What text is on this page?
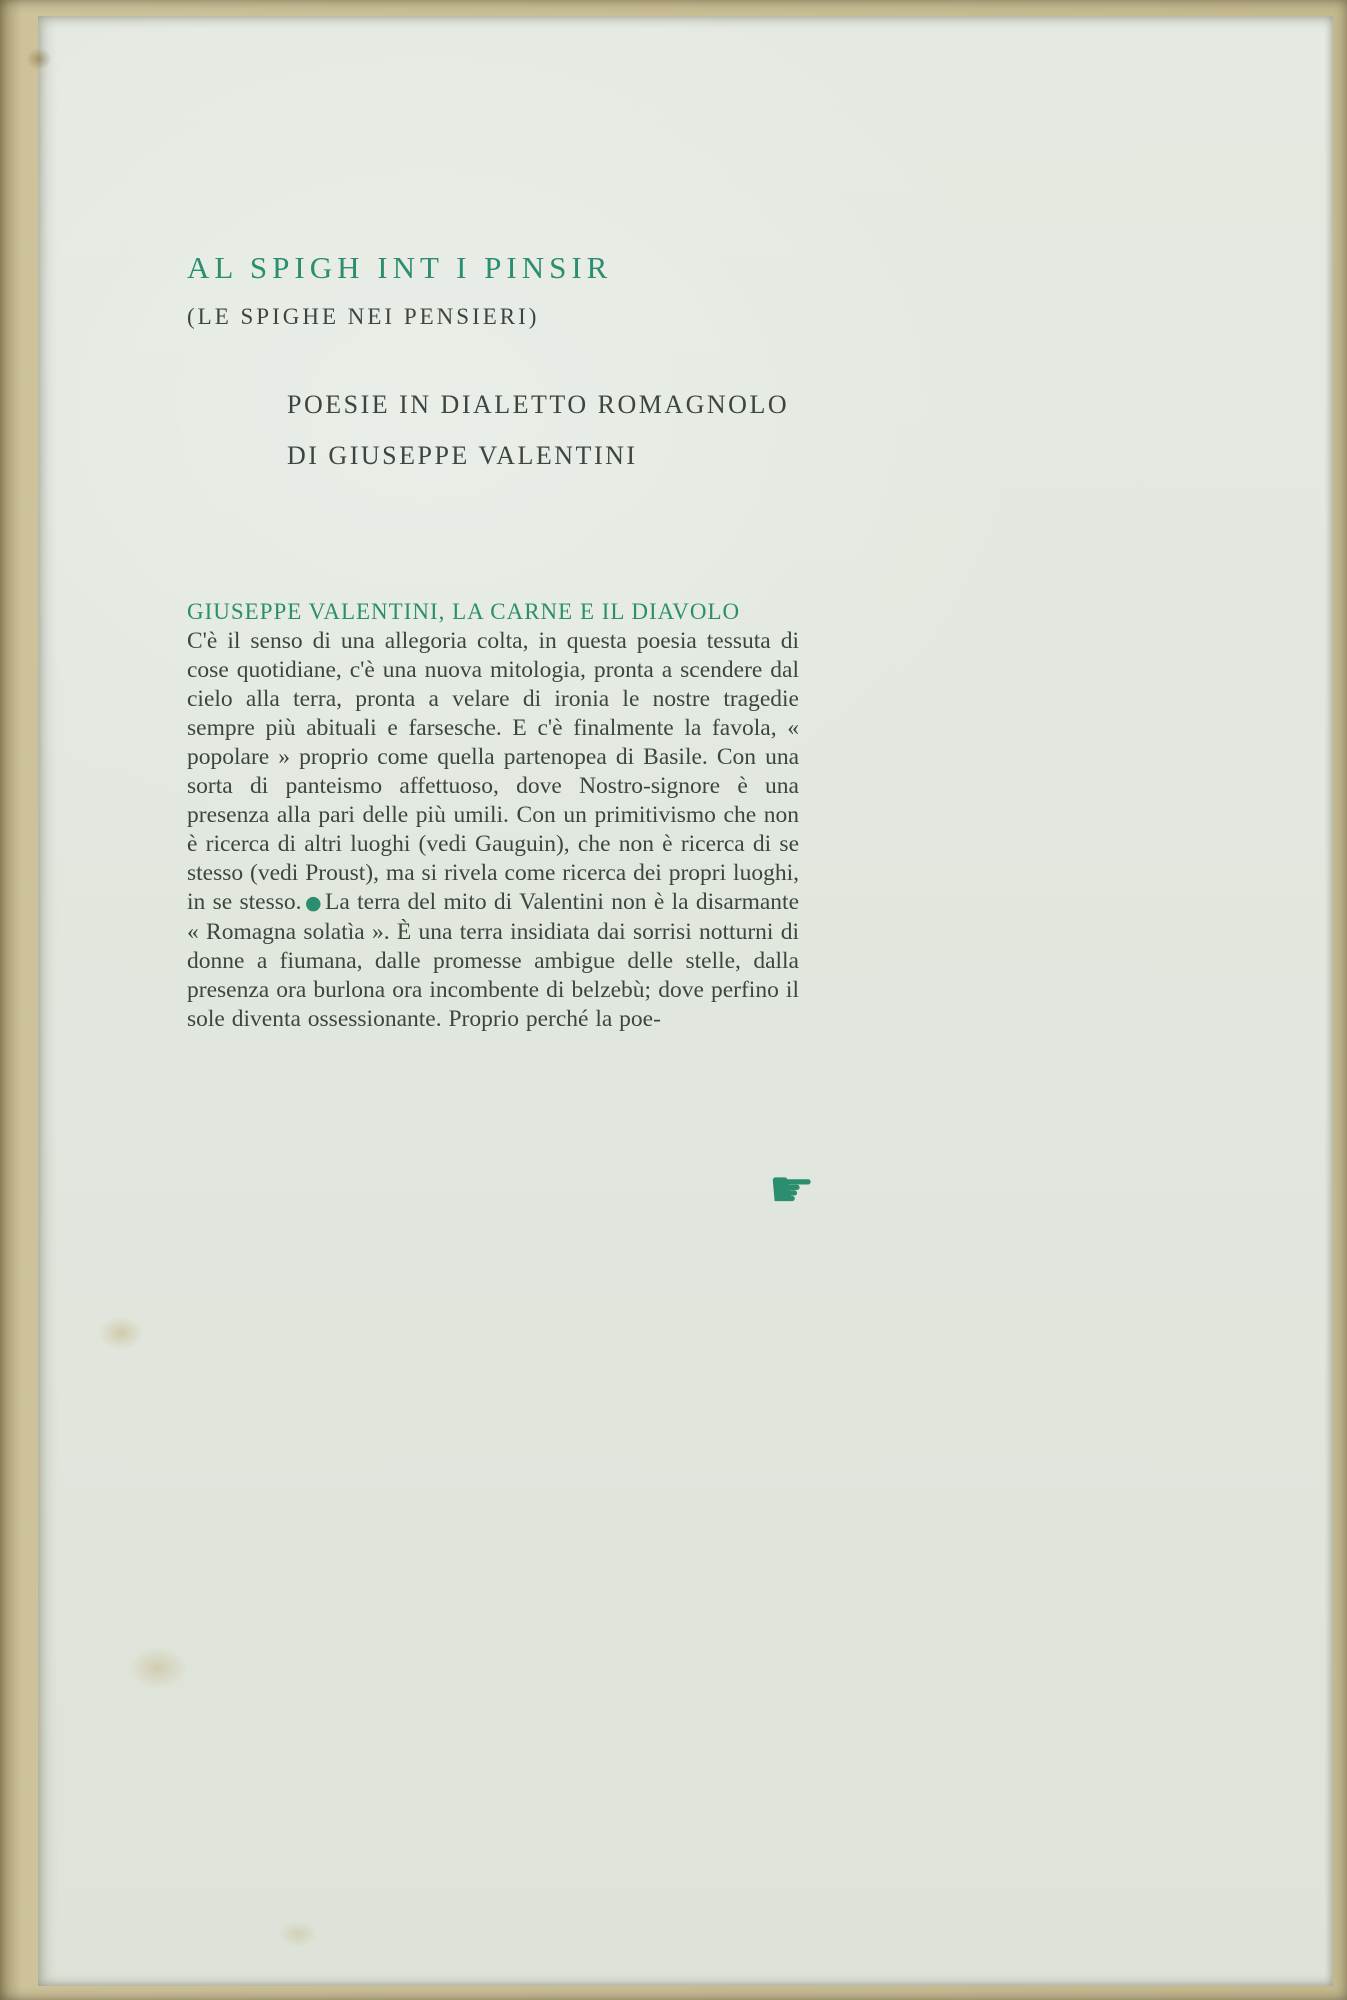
AL SPIGH INT I PINSIR
(LE SPIGHE NEI PENSIERI)
POESIE IN DIALETTO ROMAGNOLO
DI GIUSEPPE VALENTINI
GIUSEPPE VALENTINI, LA CARNE E IL DIAVOLO

C'è il senso di una allegoria colta, in questa poesia tessuta di cose quotidiane, c'è una nuova mitologia, pronta a scendere dal cielo alla terra, pronta a velare di ironia le nostre tragedie sempre più abituali e farsesche. E c'è finalmente la favola, « popolare » proprio come quella partenopea di Basile. Con una sorta di panteismo affettuoso, dove Nostro-signore è una presenza alla pari delle più umili. Con un primitivismo che non è ricerca di altri luoghi (vedi Gauguin), che non è ricerca di se stesso (vedi Proust), ma si rivela come ricerca dei propri luoghi, in se stesso. ● La terra del mito di Valentini non è la disarmante « Romagna solatìa ». È una terra insidiata dai sorrisi notturni di donne a fiumana, dalle promesse ambigue delle stelle, dalla presenza ora burlona ora incombente di belzebù; dove perfino il sole diventa ossessionante. Proprio perché la poe-

☛
